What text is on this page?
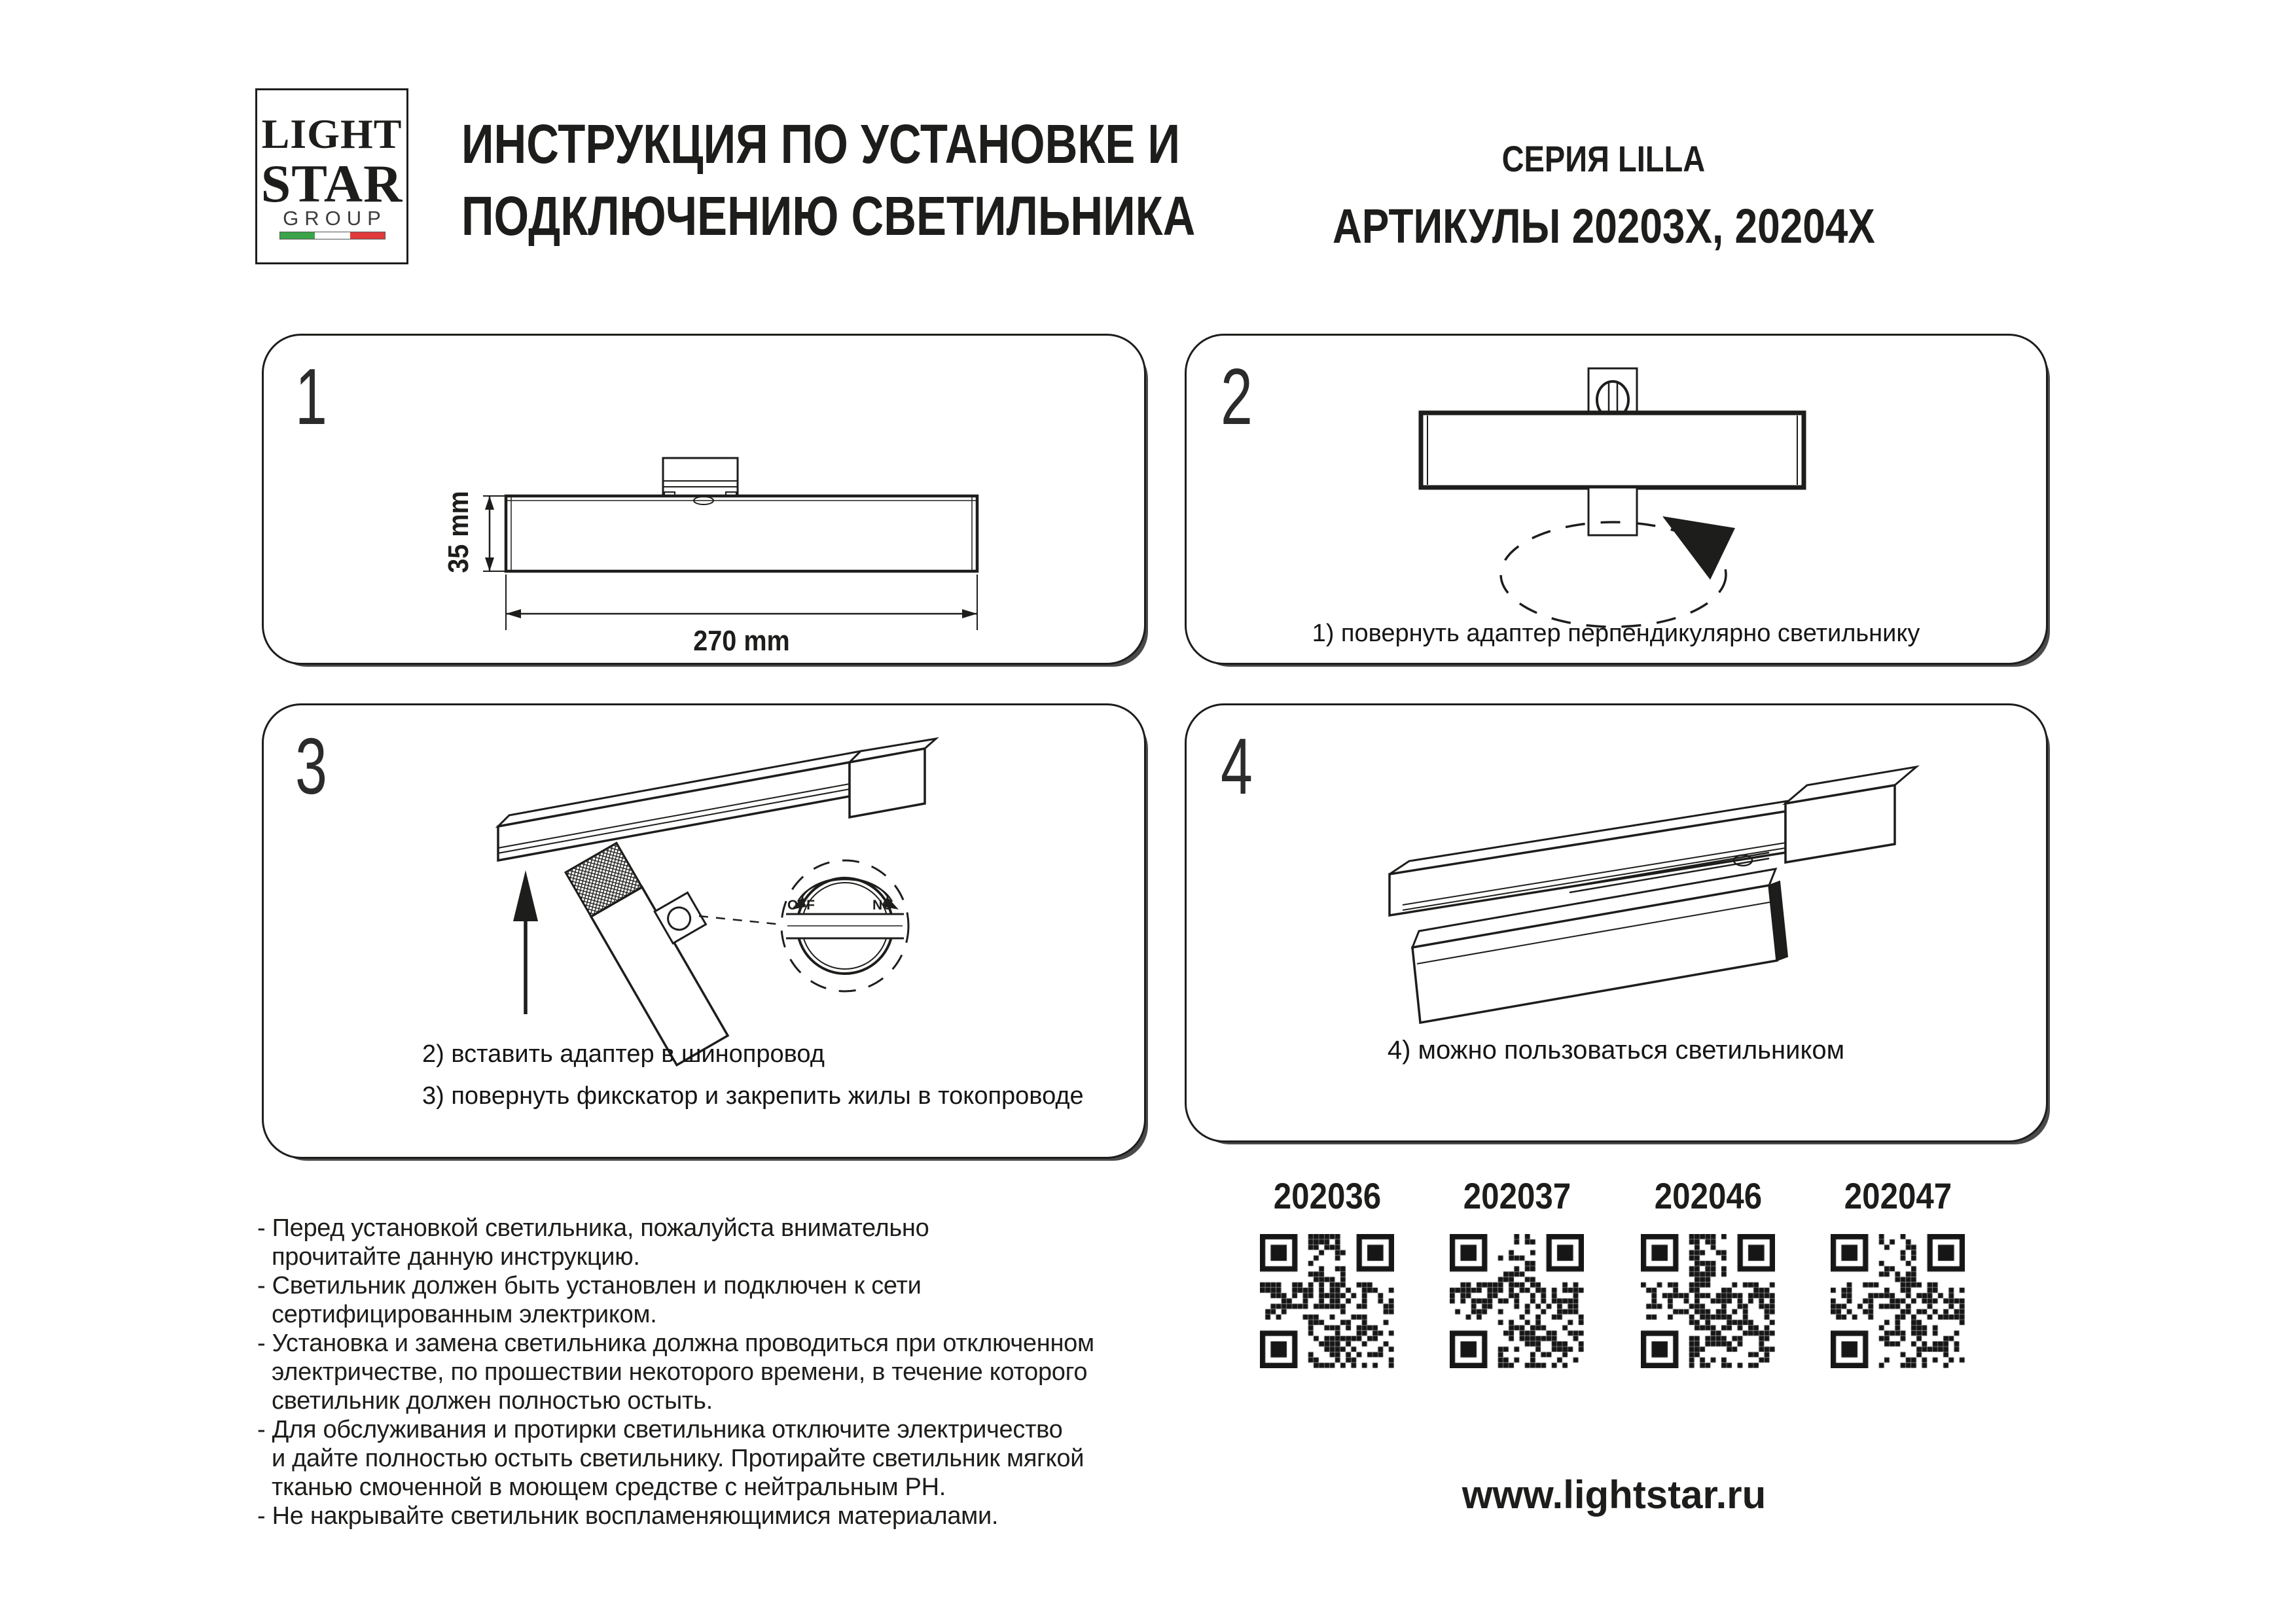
LIGHT
STAR
GROUP
ИНСТРУКЦИЯ ПО УСТАНОВКЕ И
ПОДКЛЮЧЕНИЮ СВЕТИЛЬНИКА
СЕРИЯ LILLA
АРТИКУЛЫ 20203X, 20204X
1
35 mm
270 mm
2
1) повернуть адаптер перпендикулярно светильнику
3
OFF	NO
2) вставить адаптер в шинопровод
3) повернуть фикскатор и закрепить жилы в токопроводе
4
4) можно пользоваться светильником
- Перед установкой светильника, пожалуйста внимательно
прочитайте данную инструкцию.
- Светильник должен быть установлен и подключен к сети
сертифицированным электриком.
- Установка и замена светильника должна проводиться при отключенном
электричестве, по прошествии некоторого времени, в течение которого
светильник должен полностью остыть.
- Для обслуживания и протирки светильника отключите электричество
и дайте полностью остыть светильнику. Протирайте светильник мягкой
тканью смоченной в моющем средстве с нейтральным PH.
- Не накрывайте светильник воспламеняющимися материалами.
202036	202037	202046	202047
www.lightstar.ru
